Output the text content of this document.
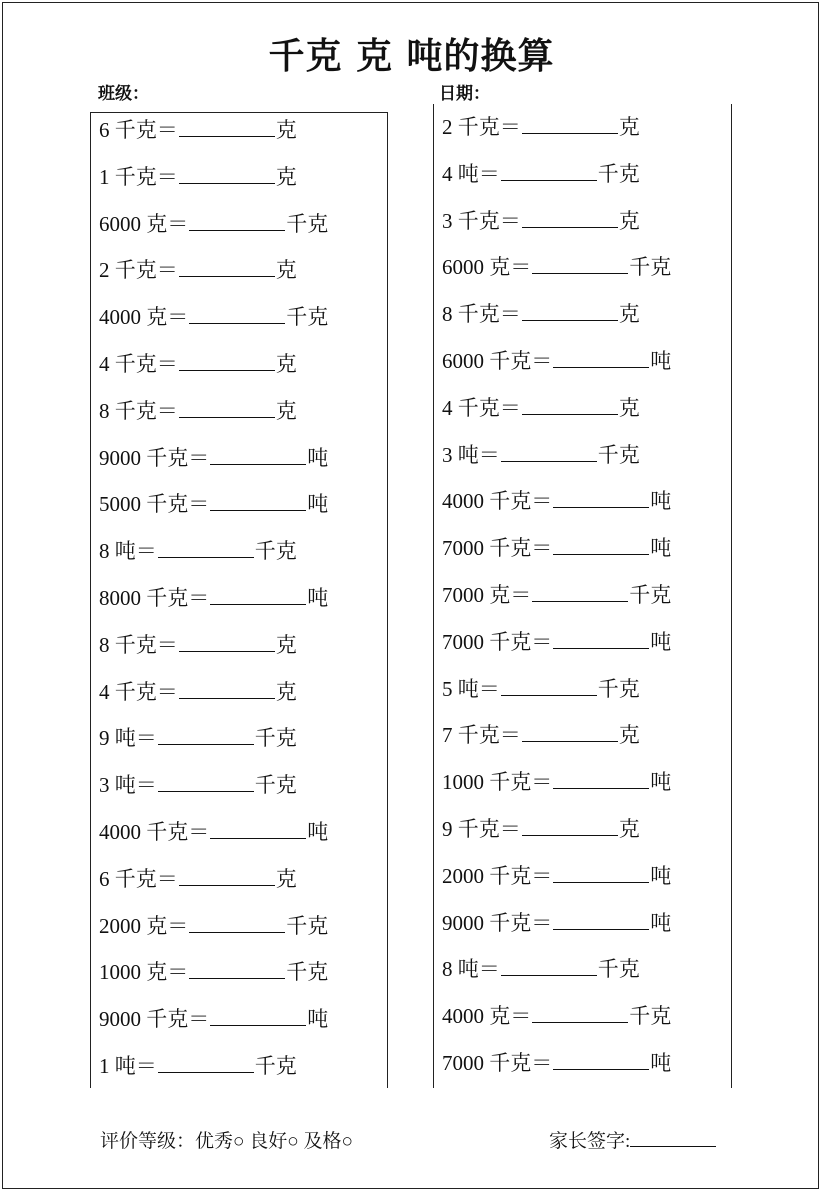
千克 克 吨的换算
班级：	日期：
6 千克＝	克
1 千克＝	克
6000 克＝	千克
2 千克＝	克
4000 克＝	千克
4 千克＝	克
8 千克＝	克
9000 千克＝	吨
5000 千克＝	吨
8 吨＝	千克
8000 千克＝	吨
8 千克＝	克
4 千克＝	克
9 吨＝	千克
3 吨＝	千克
4000 千克＝	吨
6 千克＝	克
2000 克＝	千克
1000 克＝	千克
9000 千克＝	吨
1 吨＝	千克
2 千克＝	克
4 吨＝	千克
3 千克＝	克
6000 克＝	千克
8 千克＝	克
6000 千克＝	吨
4 千克＝	克
3 吨＝	千克
4000 千克＝	吨
7000 千克＝	吨
7000 克＝	千克
7000 千克＝	吨
5 吨＝	千克
7 千克＝	克
1000 千克＝	吨
9 千克＝	克
2000 千克＝	吨
9000 千克＝	吨
8 吨＝	千克
4000 克＝	千克
7000 千克＝	吨
评价等级：优秀○ 良好○ 及格○	家长签字:
